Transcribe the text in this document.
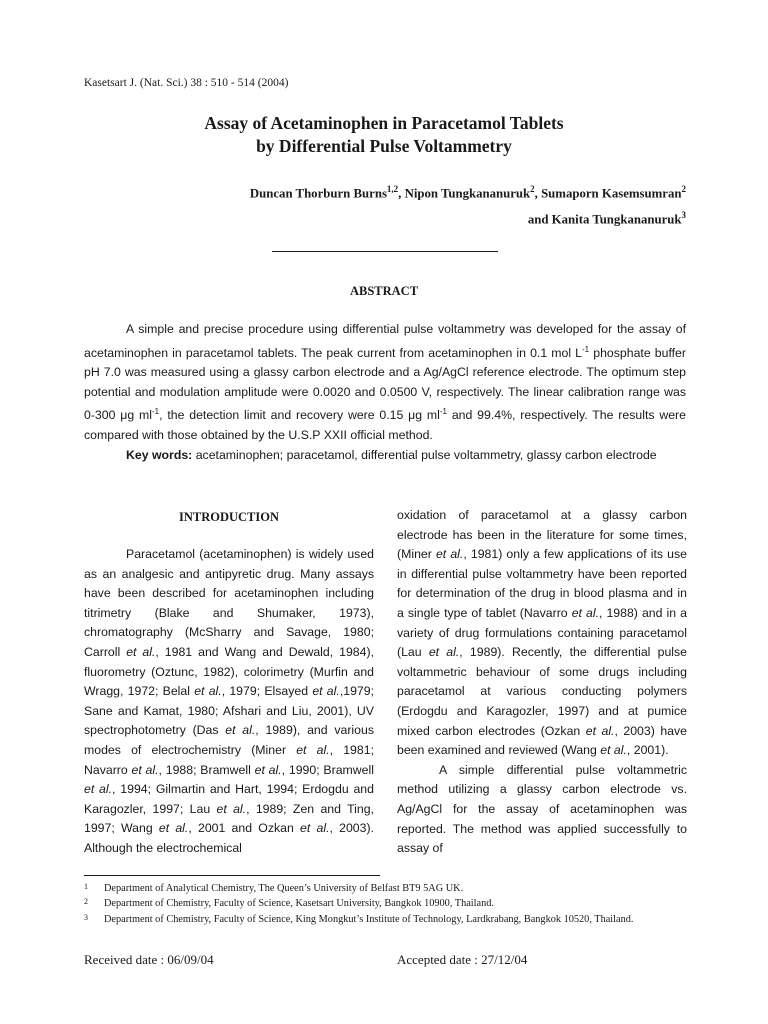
Kasetsart J. (Nat. Sci.) 38 : 510 - 514 (2004)
Assay of Acetaminophen in Paracetamol Tablets
by Differential Pulse Voltammetry
Duncan Thorburn Burns$^{1,2}$, Nipon Tungkananuruk$^2$, Sumaporn Kasemsumran$^2$
and Kanita Tungkananuruk$^3$
ABSTRACT

A simple and precise procedure using differential pulse voltammetry was developed for the assay of acetaminophen in paracetamol tablets. The peak current from acetaminophen in 0.1 mol $L^{-1}$ phosphate buffer pH 7.0 was measured using a glassy carbon electrode and a Ag/AgCl reference electrode. The optimum step potential and modulation amplitude were 0.0020 and 0.0500 V, respectively. The linear calibration range was 0-300 μg $ml^{-1}$, the detection limit and recovery were 0.15 μg $ml^{-1}$ and 99.4%, respectively. The results were compared with those obtained by the U.S.P XXII official method.

Key words: acetaminophen; paracetamol, differential pulse voltammetry, glassy carbon electrode

INTRODUCTION

Paracetamol (acetaminophen) is widely used as an analgesic and antipyretic drug. Many assays have been described for acetaminophen including titrimetry (Blake and Shumaker, 1973), chromatography (McSharry and Savage, 1980; Carroll et al., 1981 and Wang and Dewald, 1984), fluorometry (Oztunc, 1982), colorimetry (Murfin and Wragg, 1972; Belal et al., 1979; Elsayed et al.,1979; Sane and Kamat, 1980; Afshari and Liu, 2001), UV spectrophotometry (Das et al., 1989), and various modes of electrochemistry (Miner et al., 1981; Navarro et al., 1988; Bramwell et al., 1990; Bramwell et al., 1994; Gilmartin and Hart, 1994; Erdogdu and Karagozler, 1997; Lau et al., 1989; Zen and Ting, 1997; Wang et al., 2001 and Ozkan et al., 2003). Although the electrochemical

oxidation of paracetamol at a glassy carbon electrode has been in the literature for some times, (Miner et al., 1981) only a few applications of its use in differential pulse voltammetry have been reported for determination of the drug in blood plasma and in a single type of tablet (Navarro et al., 1988) and in a variety of drug formulations containing paracetamol (Lau et al., 1989). Recently, the differential pulse voltammetric behaviour of some drugs including paracetamol at various conducting polymers (Erdogdu and Karagozler, 1997) and at pumice mixed carbon electrodes (Ozkan et al., 2003) have been examined and reviewed (Wang et al., 2001).

A simple differential pulse voltammetric method utilizing a glassy carbon electrode vs. Ag/AgCl for the assay of acetaminophen was reported. The method was applied successfully to assay of

1	Department of Analytical Chemistry, The Queen’s University of Belfast BT9 5AG UK.
2	Department of Chemistry, Faculty of Science, Kasetsart University, Bangkok 10900, Thailand.
3	Department of Chemistry, Faculty of Science, King Mongkut’s Institute of Technology, Lardkrabang, Bangkok 10520, Thailand.
Received date : 06/09/04	Accepted date : 27/12/04
